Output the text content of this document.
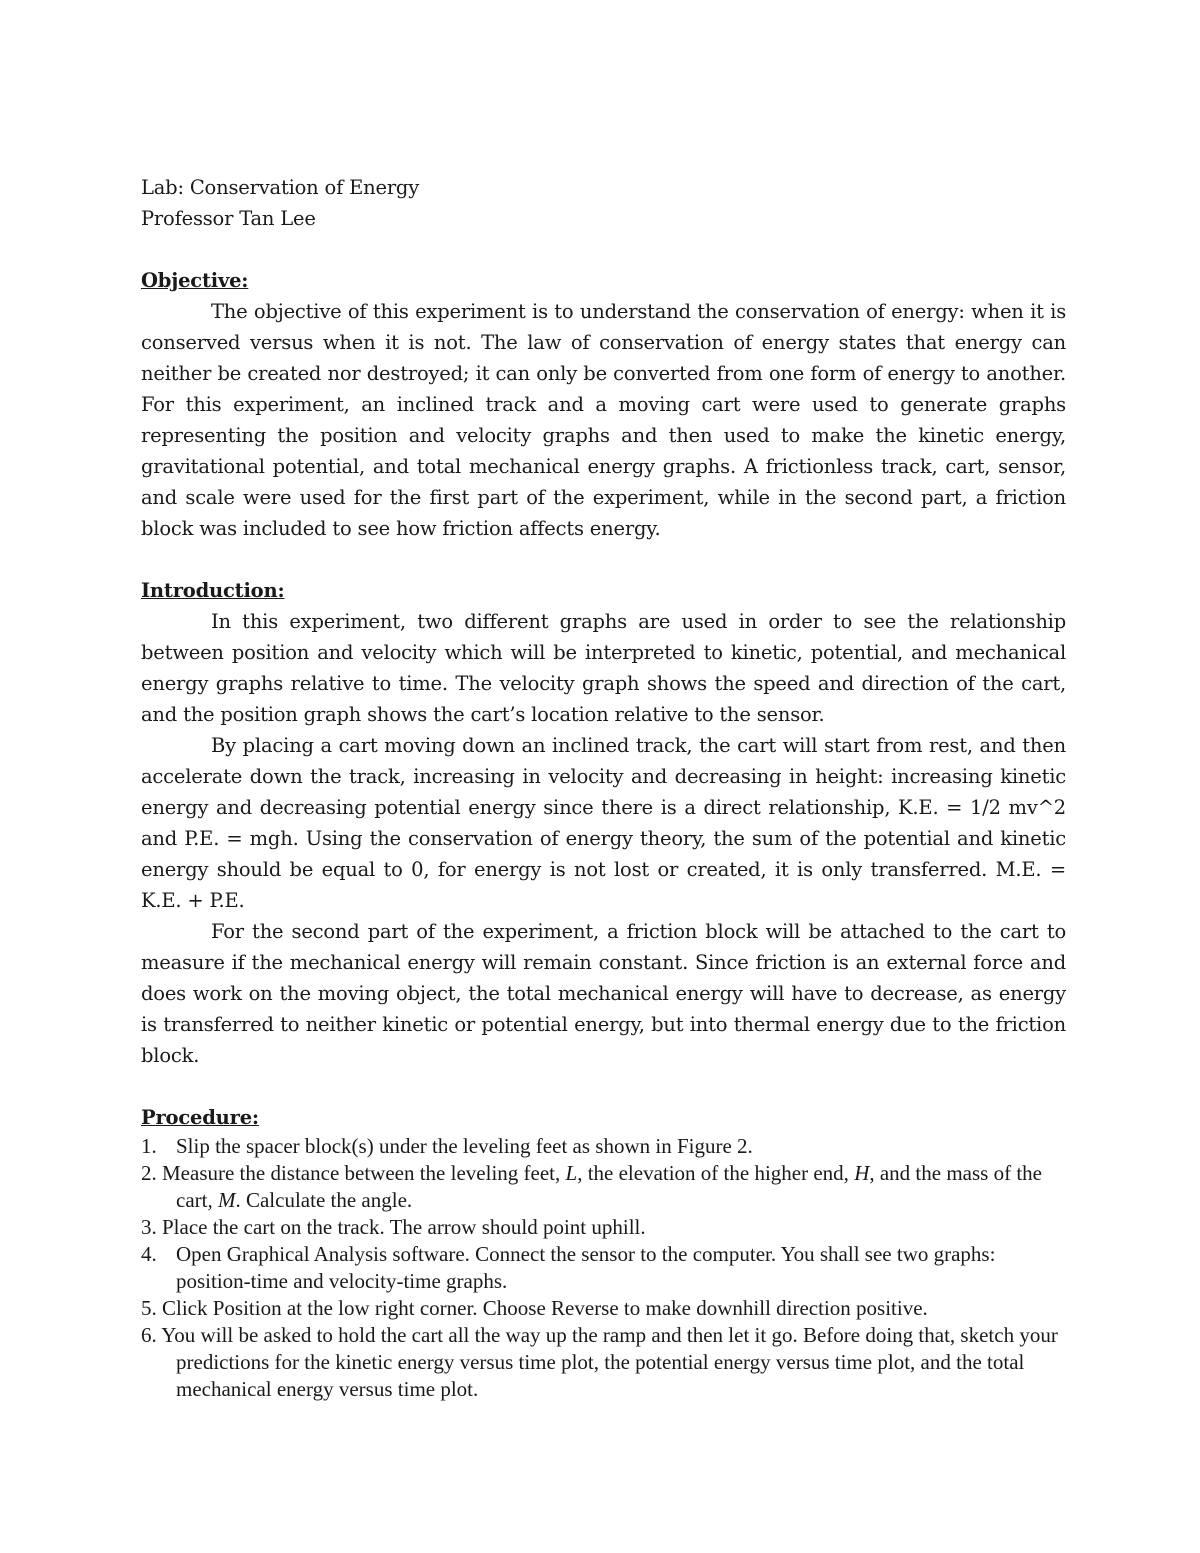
Lab: Conservation of Energy
Professor Tan Lee
Objective:
The objective of this experiment is to understand the conservation of energy: when it is conserved versus when it is not. The law of conservation of energy states that energy can neither be created nor destroyed; it can only be converted from one form of energy to another. For this experiment, an inclined track and a moving cart were used to generate graphs representing the position and velocity graphs and then used to make the kinetic energy, gravitational potential, and total mechanical energy graphs. A frictionless track, cart, sensor, and scale were used for the first part of the experiment, while in the second part, a friction block was included to see how friction affects energy.
Introduction:
In this experiment, two different graphs are used in order to see the relationship between position and velocity which will be interpreted to kinetic, potential, and mechanical energy graphs relative to time. The velocity graph shows the speed and direction of the cart, and the position graph shows the cart’s location relative to the sensor.
By placing a cart moving down an inclined track, the cart will start from rest, and then accelerate down the track, increasing in velocity and decreasing in height: increasing kinetic energy and decreasing potential energy since there is a direct relationship, K.E. = 1/2 mv^2 and P.E. = mgh. Using the conservation of energy theory, the sum of the potential and kinetic energy should be equal to 0, for energy is not lost or created, it is only transferred. M.E. = K.E. + P.E.
For the second part of the experiment, a friction block will be attached to the cart to measure if the mechanical energy will remain constant. Since friction is an external force and does work on the moving object, the total mechanical energy will have to decrease, as energy is transferred to neither kinetic or potential energy, but into thermal energy due to the friction block.
Procedure:
1. Slip the spacer block(s) under the leveling feet as shown in Figure 2.
2. Measure the distance between the leveling feet, L, the elevation of the higher end, H, and the mass of the cart, M. Calculate the angle.
3. Place the cart on the track. The arrow should point uphill.
4. Open Graphical Analysis software. Connect the sensor to the computer. You shall see two graphs: position-time and velocity-time graphs.
5. Click Position at the low right corner. Choose Reverse to make downhill direction positive.
6. You will be asked to hold the cart all the way up the ramp and then let it go. Before doing that, sketch your predictions for the kinetic energy versus time plot, the potential energy versus time plot, and the total mechanical energy versus time plot.
